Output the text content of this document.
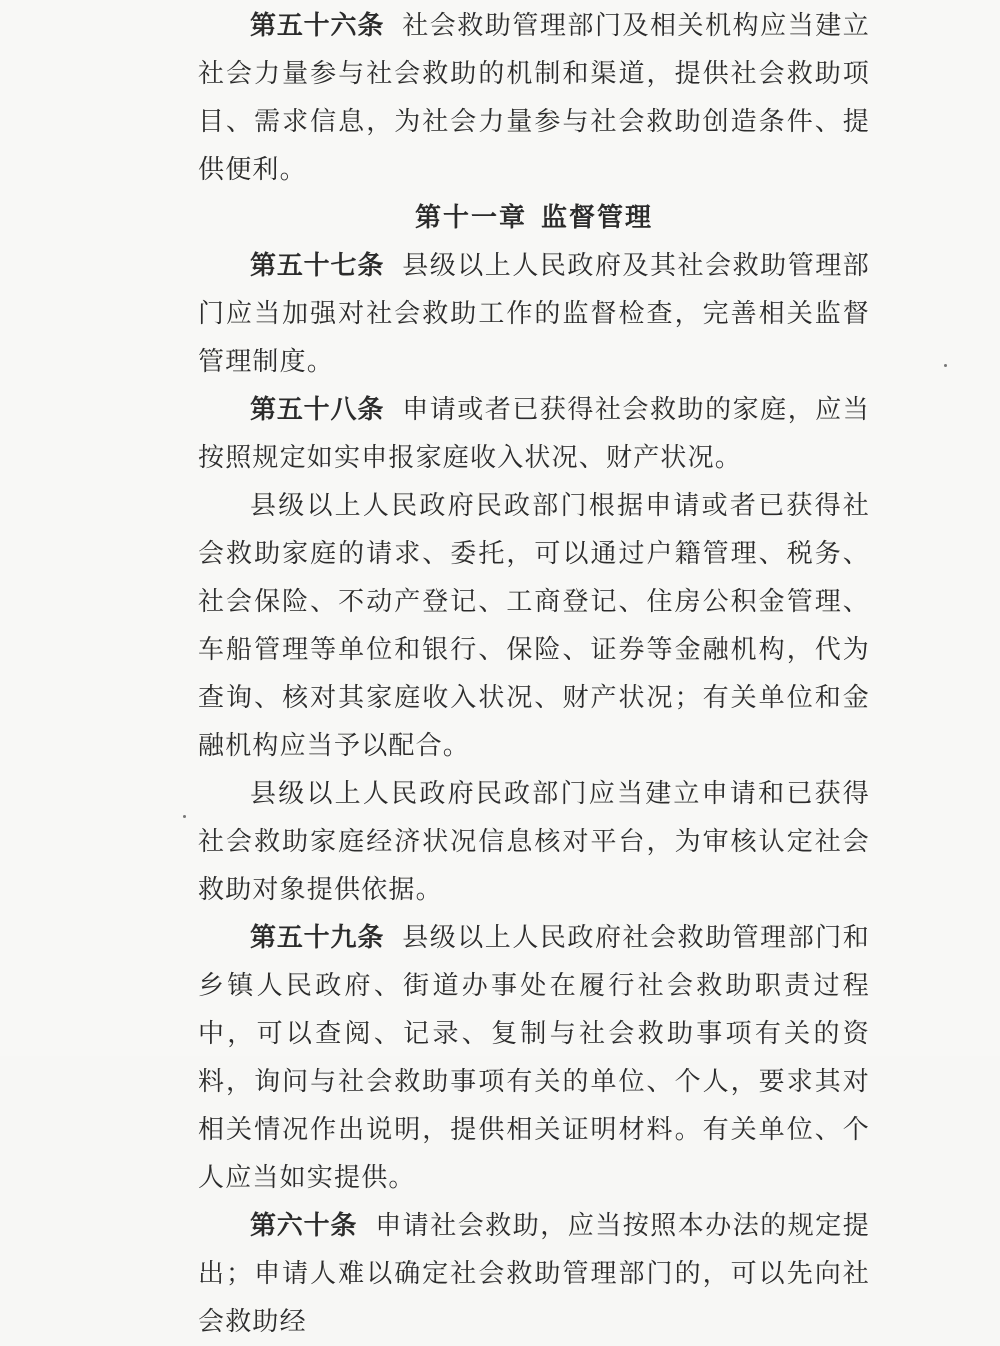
第五十六条 社会救助管理部门及相关机构应当建立社会力量参与社会救助的机制和渠道，提供社会救助项目、需求信息，为社会力量参与社会救助创造条件、提供便利。

第十一章 监督管理

第五十七条 县级以上人民政府及其社会救助管理部门应当加强对社会救助工作的监督检查，完善相关监督管理制度。

第五十八条 申请或者已获得社会救助的家庭，应当按照规定如实申报家庭收入状况、财产状况。

县级以上人民政府民政部门根据申请或者已获得社会救助家庭的请求、委托，可以通过户籍管理、税务、社会保险、不动产登记、工商登记、住房公积金管理、车船管理等单位和银行、保险、证券等金融机构，代为查询、核对其家庭收入状况、财产状况；有关单位和金融机构应当予以配合。

县级以上人民政府民政部门应当建立申请和已获得社会救助家庭经济状况信息核对平台，为审核认定社会救助对象提供依据。

第五十九条 县级以上人民政府社会救助管理部门和乡镇人民政府、街道办事处在履行社会救助职责过程中，可以查阅、记录、复制与社会救助事项有关的资料，询问与社会救助事项有关的单位、个人，要求其对相关情况作出说明，提供相关证明材料。有关单位、个人应当如实提供。

第六十条 申请社会救助，应当按照本办法的规定提出；申请人难以确定社会救助管理部门的，可以先向社会救助经
